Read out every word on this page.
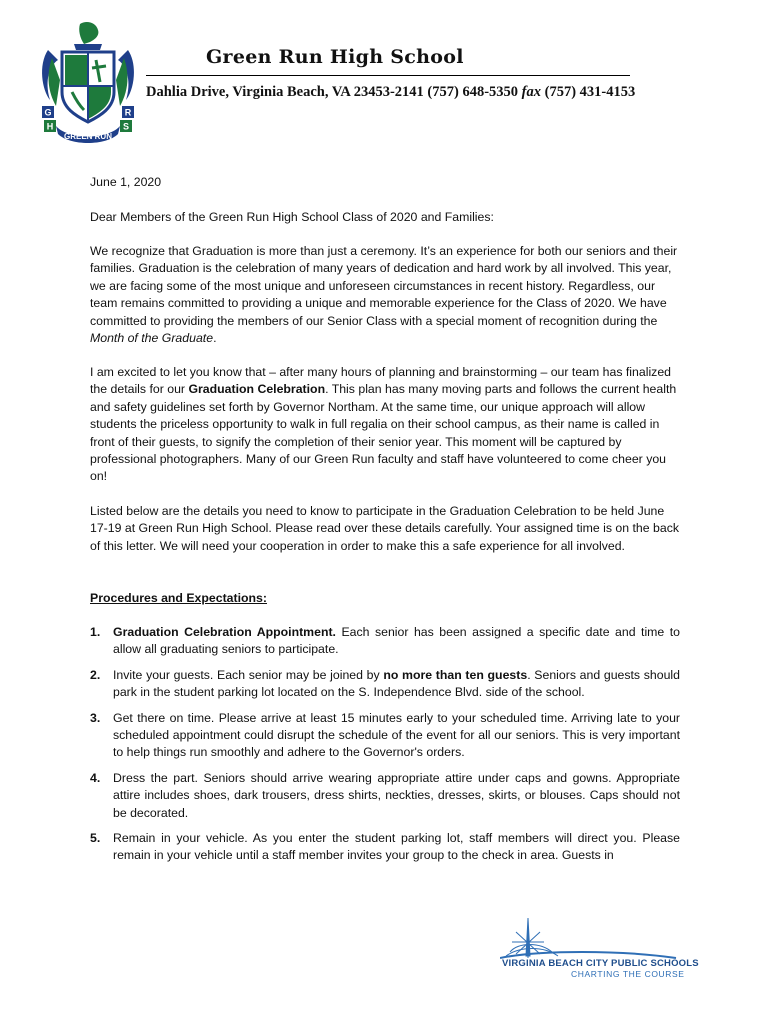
G	R
H	S
GREEN RUN
Green Run High School
Dahlia Drive, Virginia Beach, VA 23453-2141 (757) 648-5350 fax (757) 431-4153
June 1, 2020
Dear Members of the Green Run High School Class of 2020 and Families:
We recognize that Graduation is more than just a ceremony. It’s an experience for both our seniors and their families. Graduation is the celebration of many years of dedication and hard work by all involved. This year, we are facing some of the most unique and unforeseen circumstances in recent history. Regardless, our team remains committed to providing a unique and memorable experience for the Class of 2020. We have committed to providing the members of our Senior Class with a special moment of recognition during the Month of the Graduate.
I am excited to let you know that – after many hours of planning and brainstorming – our team has finalized the details for our Graduation Celebration. This plan has many moving parts and follows the current health and safety guidelines set forth by Governor Northam. At the same time, our unique approach will allow students the priceless opportunity to walk in full regalia on their school campus, as their name is called in front of their guests, to signify the completion of their senior year. This moment will be captured by professional photographers. Many of our Green Run faculty and staff have volunteered to come cheer you on!
Listed below are the details you need to know to participate in the Graduation Celebration to be held June 17-19 at Green Run High School. Please read over these details carefully. Your assigned time is on the back of this letter. We will need your cooperation in order to make this a safe experience for all involved.
Procedures and Expectations:
1. Graduation Celebration Appointment. Each senior has been assigned a specific date and time to allow all graduating seniors to participate.
2. Invite your guests. Each senior may be joined by no more than ten guests. Seniors and guests should park in the student parking lot located on the S. Independence Blvd. side of the school.
3. Get there on time. Please arrive at least 15 minutes early to your scheduled time. Arriving late to your scheduled appointment could disrupt the schedule of the event for all our seniors. This is very important to help things run smoothly and adhere to the Governor's orders.
4. Dress the part. Seniors should arrive wearing appropriate attire under caps and gowns. Appropriate attire includes shoes, dark trousers, dress shirts, neckties, dresses, skirts, or blouses. Caps should not be decorated.
5. Remain in your vehicle. As you enter the student parking lot, staff members will direct you. Please remain in your vehicle until a staff member invites your group to the check in area. Guests in
VIRGINIA BEACH CITY PUBLIC SCHOOLS
CHARTING THE COURSE
